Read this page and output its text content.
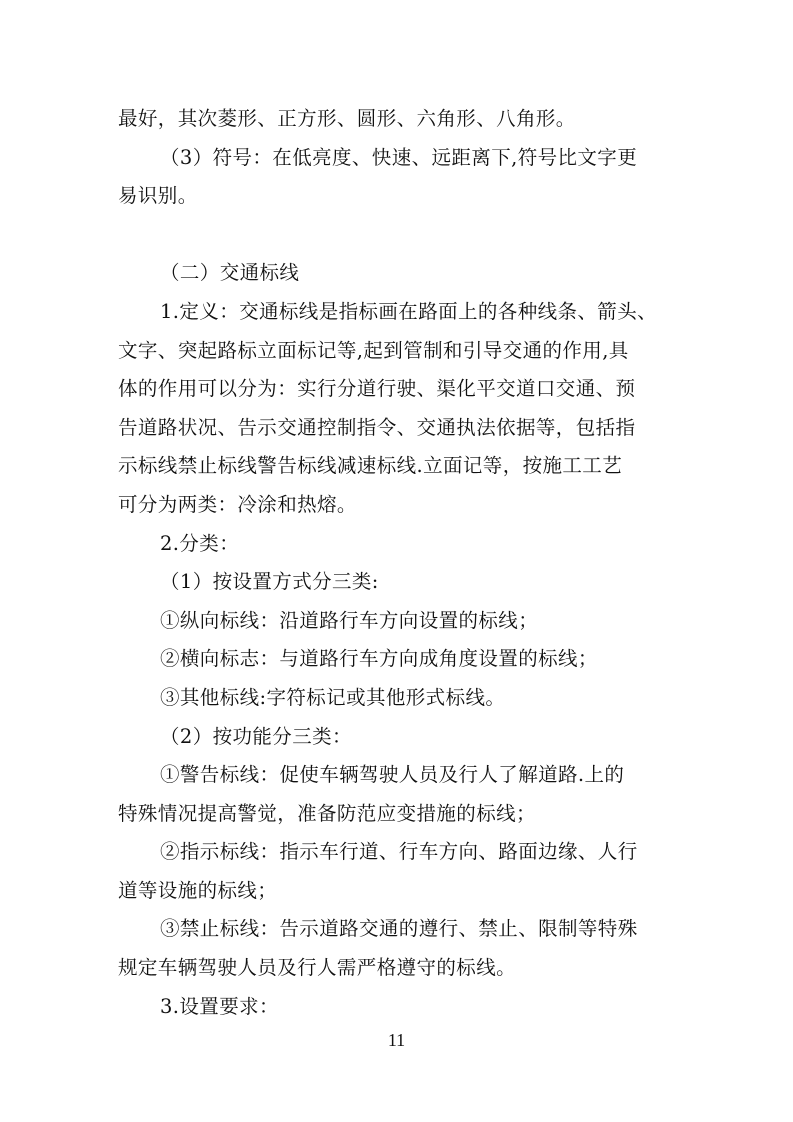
最好，其次菱形、正方形、圆形、六角形、八角形。
（3）符号：在低亮度、快速、远距离下,符号比文字更
易识别。
（二）交通标线
1.定义：交通标线是指标画在路面上的各种线条、箭头、
文字、突起路标立面标记等,起到管制和引导交通的作用,具
体的作用可以分为：实行分道行驶、渠化平交道口交通、预
告道路状况、告示交通控制指令、交通执法依据等，包括指
示标线禁止标线警告标线减速标线.立面记等，按施工工艺
可分为两类：冷涂和热熔。
2.分类：
（1）按设置方式分三类:
①纵向标线：沿道路行车方向设置的标线；
②横向标志：与道路行车方向成角度设置的标线；
③其他标线:字符标记或其他形式标线。
（2）按功能分三类：
①警告标线：促使车辆驾驶人员及行人了解道路.上的
特殊情况提高警觉，准备防范应变措施的标线；
②指示标线：指示车行道、行车方向、路面边缘、人行
道等设施的标线；
③禁止标线：告示道路交通的遵行、禁止、限制等特殊
规定车辆驾驶人员及行人需严格遵守的标线。
3.设置要求：
11
